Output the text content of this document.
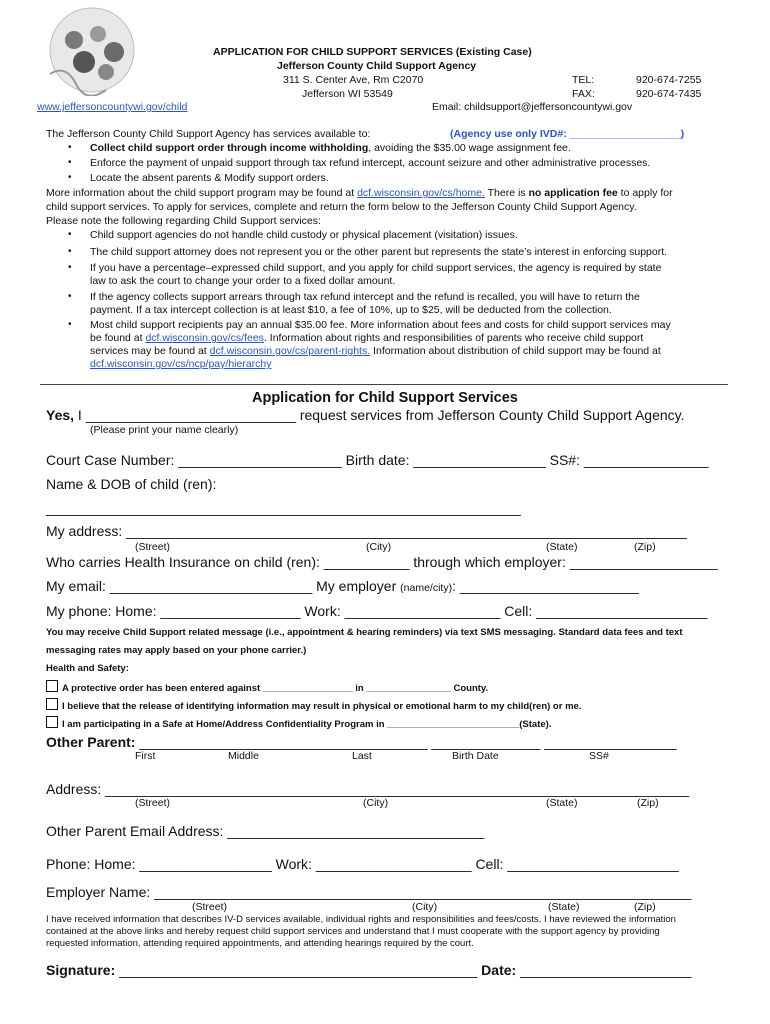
APPLICATION FOR CHILD SUPPORT SERVICES (Existing Case)
Jefferson County Child Support Agency
311 S. Center Ave, Rm C2070
Jefferson WI 53549
TEL:	920-674-7255
FAX:	920-674-7435
Email: childsupport@jeffersoncountywi.gov
www.jeffersoncountywi.gov/child
The Jefferson County Child Support Agency has services available to:	(Agency use only IVD#: ___________________)
• Collect child support order through income withholding, avoiding the $35.00 wage assignment fee.
• Enforce the payment of unpaid support through tax refund intercept, account seizure and other administrative processes.
• Locate the absent parents & Modify support orders.
More information about the child support program may be found at dcf.wisconsin.gov/cs/home. There is no application fee to apply for
child support services. To apply for services, complete and return the form below to the Jefferson County Child Support Agency.
Please note the following regarding Child Support services:
• Child support agencies do not handle child custody or physical placement (visitation) issues.
• The child support attorney does not represent you or the other parent but represents the state’s interest in enforcing support.
• If you have a percentage–expressed child support, and you apply for child support services, the agency is required by state
law to ask the court to change your order to a fixed dollar amount.
• If the agency collects support arrears through tax refund intercept and the refund is recalled, you will have to return the
payment. If a tax intercept collection is at least $10, a fee of 10%, up to $25, will be deducted from the collection.
• Most child support recipients pay an annual $35.00 fee. More information about fees and costs for child support services may
be found at dcf.wisconsin.gov/cs/fees. Information about rights and responsibilities of parents who receive child support
services may be found at dcf.wisconsin.gov/cs/parent-rights. Information about distribution of child support may be found at
dcf.wisconsin.gov/cs/ncp/pay/hierarchy
Application for Child Support Services
Yes, I ___________________________ request services from Jefferson County Child Support Agency.
(Please print your name clearly)
Court Case Number: _____________________ Birth date: _________________ SS#: ________________
Name & DOB of child (ren):
_____________________________________________________________
My address: ________________________________________________________________________
(Street)	(City)	(State)	(Zip)
Who carries Health Insurance on child (ren): ___________ through which employer: ___________________
My email: __________________________ My employer (name/city): _______________________
My phone: Home: __________________ Work: ____________________ Cell: ______________________
You may receive Child Support related message (i.e., appointment & hearing reminders) via text SMS messaging. Standard data fees and text
messaging rates may apply based on your phone carrier.)
Health and Safety:
A protective order has been entered against _________________ in ________________ County.
I believe that the release of identifying information may result in physical or emotional harm to my child(ren) or me.
I am participating in a Safe at Home/Address Confidentiality Program in _________________________(State).
Other Parent: _____________________________________ ______________ _________________
First	Middle	Last	Birth Date	SS#
Address: ___________________________________________________________________________
(Street)	(City)	(State)	(Zip)
Other Parent Email Address: _________________________________
Phone: Home: _________________ Work: ____________________ Cell: ______________________
Employer Name: _____________________________________________________________________
(Street)	(City)	(State)	(Zip)
I have received information that describes IV-D services available, individual rights and responsibilities and fees/costs. I have reviewed the information
contained at the above links and hereby request child support services and understand that I must cooperate with the support agency by providing
requested information, attending required appointments, and attending hearings required by the court.
Signature: ______________________________________________ Date: ______________________
